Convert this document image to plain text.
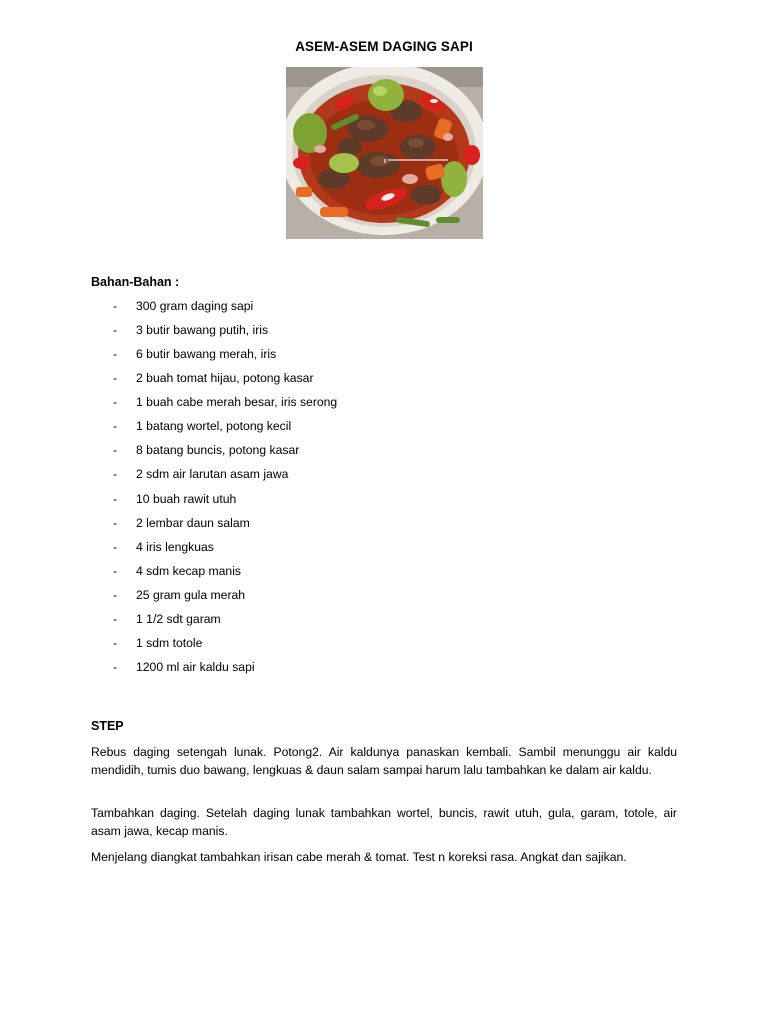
ASEM-ASEM DAGING SAPI
Bahan-Bahan :
- 300 gram daging sapi
- 3 butir bawang putih, iris
- 6 butir bawang merah, iris
- 2 buah tomat hijau, potong kasar
- 1 buah cabe merah besar, iris serong
- 1 batang wortel, potong kecil
- 8 batang buncis, potong kasar
- 2 sdm air larutan asam jawa
- 10 buah rawit utuh
- 2 lembar daun salam
- 4 iris lengkuas
- 4 sdm kecap manis
- 25 gram gula merah
- 1 1/2 sdt garam
- 1 sdm totole
- 1200 ml air kaldu sapi
STEP

Rebus daging setengah lunak. Potong2. Air kaldunya panaskan kembali. Sambil menunggu air kaldu mendidih, tumis duo bawang, lengkuas & daun salam sampai harum lalu tambahkan ke dalam air kaldu.

Tambahkan daging. Setelah daging lunak tambahkan wortel, buncis, rawit utuh, gula, garam, totole, air asam jawa, kecap manis.

Menjelang diangkat tambahkan irisan cabe merah & tomat. Test n koreksi rasa. Angkat dan sajikan.
